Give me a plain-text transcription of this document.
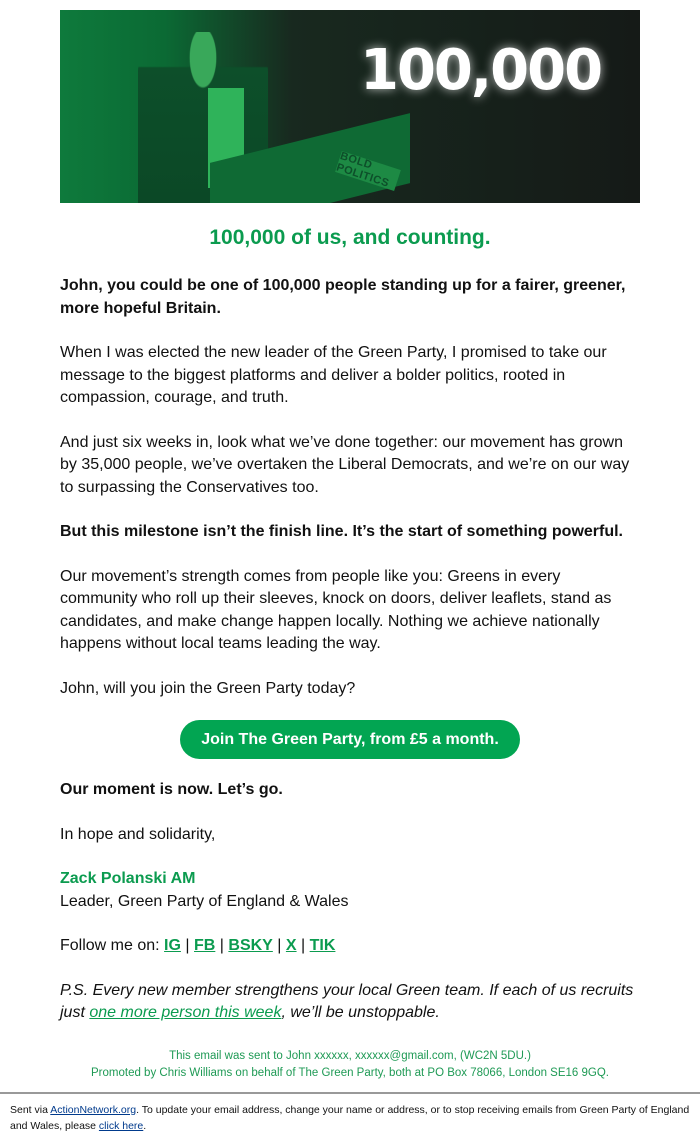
BOLD POLITICS
100,000
100,000 of us, and counting.

John, you could be one of 100,000 people standing up for a fairer, greener, more hopeful Britain.

When I was elected the new leader of the Green Party, I promised to take our message to the biggest platforms and deliver a bolder politics, rooted in compassion, courage, and truth.

And just six weeks in, look what we’ve done together: our movement has grown by 35,000 people, we’ve overtaken the Liberal Democrats, and we’re on our way to surpassing the Conservatives too.

But this milestone isn’t the finish line. It’s the start of something powerful.

Our movement’s strength comes from people like you: Greens in every community who roll up their sleeves, knock on doors, deliver leaflets, stand as candidates, and make change happen locally. Nothing we achieve nationally happens without local teams leading the way.

John, will you join the Green Party today?

Join The Green Party, from £5 a month.

Our moment is now. Let’s go.

In hope and solidarity,

Zack Polanski AM
Leader, Green Party of England & Wales

Follow me on: IG | FB | BSKY | X | TIK

P.S. Every new member strengthens your local Green team. If each of us recruits just one more person this week, we’ll be unstoppable.

This email was sent to John xxxxxx, xxxxxx@gmail.com, (WC2N 5DU.)
Promoted by Chris Williams on behalf of The Green Party, both at PO Box 78066, London SE16 9GQ.
Sent via ActionNetwork.org. To update your email address, change your name or address, or to stop receiving emails from Green Party of England and Wales, please click here.
